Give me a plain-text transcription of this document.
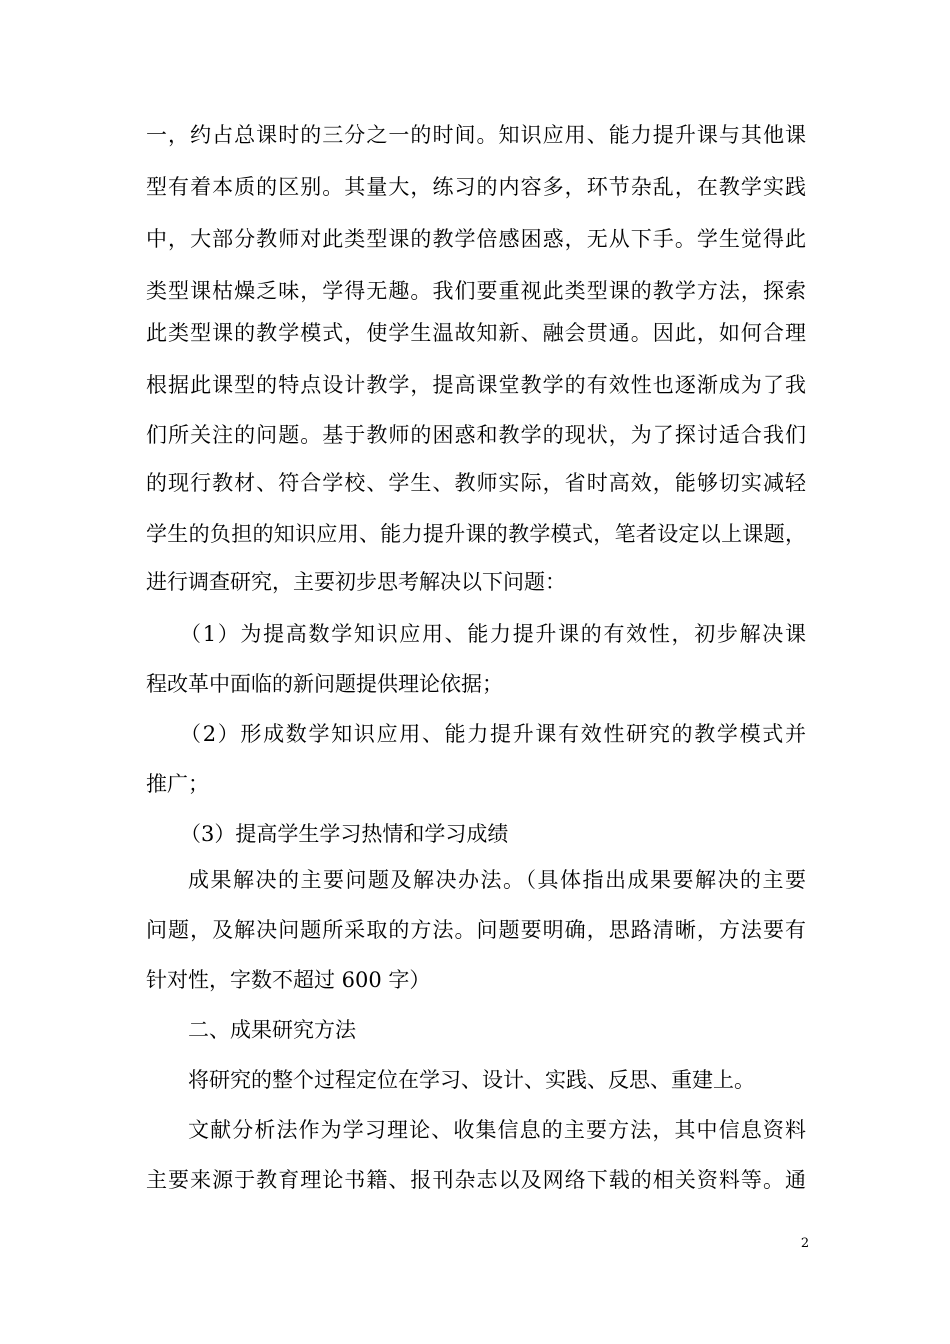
一，约占总课时的三分之一的时间。知识应用、能力提升课与其他课
型有着本质的区别。其量大，练习的内容多，环节杂乱，在教学实践
中，大部分教师对此类型课的教学倍感困惑，无从下手。学生觉得此
类型课枯燥乏味，学得无趣。我们要重视此类型课的教学方法，探索
此类型课的教学模式，使学生温故知新、融会贯通。因此，如何合理
根据此课型的特点设计教学，提高课堂教学的有效性也逐渐成为了我
们所关注的问题。基于教师的困惑和教学的现状，为了探讨适合我们
的现行教材、符合学校、学生、教师实际，省时高效，能够切实减轻
学生的负担的知识应用、能力提升课的教学模式，笔者设定以上课题，
进行调查研究，主要初步思考解决以下问题：
（1）为提高数学知识应用、能力提升课的有效性，初步解决课
程改革中面临的新问题提供理论依据；
（2）形成数学知识应用、能力提升课有效性研究的教学模式并
推广；
（3）提高学生学习热情和学习成绩
成果解决的主要问题及解决办法。（具体指出成果要解决的主要
问题，及解决问题所采取的方法。问题要明确，思路清晰，方法要有
针对性，字数不超过 600 字）
二、成果研究方法
将研究的整个过程定位在学习、设计、实践、反思、重建上。
文献分析法作为学习理论、收集信息的主要方法，其中信息资料
主要来源于教育理论书籍、报刊杂志以及网络下载的相关资料等。通
2
